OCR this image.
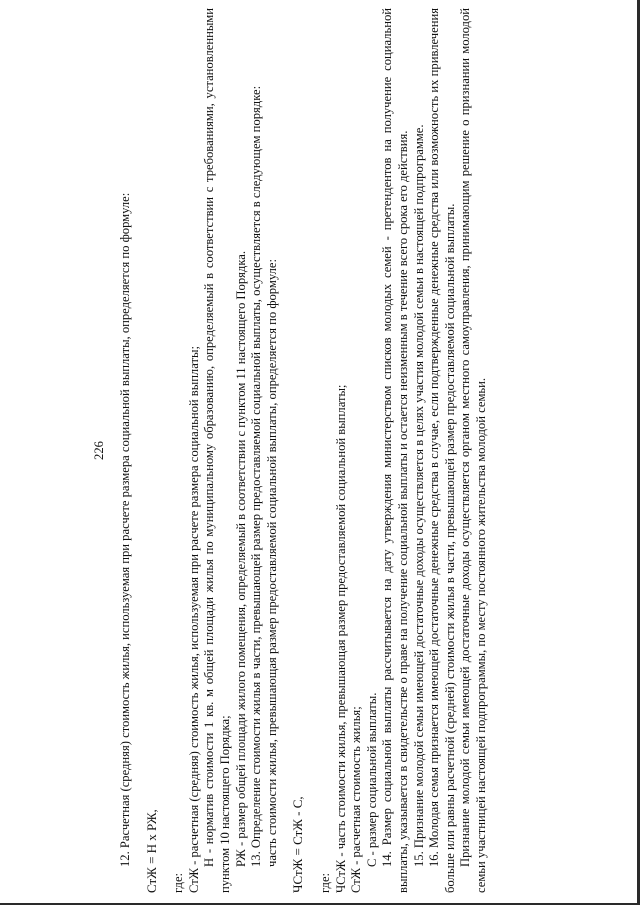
226 12. Расчетная (средняя) стоимость жилья, используемая при расчете размера социальной выплаты, определяется по формуле: СтЖ = Н x РЖ, где: СтЖ - расчетная (средняя) стоимость жилья, используемая при расчете размера социальной выплаты; Н - норматив стоимости 1 кв. м общей площади жилья по муниципальному образованию, определяемый в соответствии с требованиями, установленными пунктом 10 настоящего Порядка; РЖ - размер общей площади жилого помещения, определяемый в соответствии с пунктом 11 настоящего Порядка. 13. Определение стоимости жилья в части, превышающей размер предоставляемой социальной выплаты, осуществляется в следующем порядке: часть стоимости жилья, превышающая размер предоставляемой социальной выплаты, определяется по формуле: ЧСтЖ = СтЖ - С, где: ЧСтЖ - часть стоимости жилья, превышающая размер предоставляемой социальной выплаты; СтЖ - расчетная стоимость жилья; С - размер социальной выплаты. 14. Размер социальной выплаты рассчитывается на дату утверждения министерством списков молодых семей - претендентов на получение социальной выплаты, указывается в свидетельстве о праве на получение социальной выплаты и остается неизменным в течение всего срока его действия. 15. Признание молодой семьи имеющей достаточные доходы осуществляется в целях участия молодой семьи в настоящей подпрограмме. 16. Молодая семья признается имеющей достаточные денежные средства в случае, если подтвержденные денежные средства или возможность их привлечения больше или равны расчетной (средней) стоимости жилья в части, превышающей размер предоставляемой социальной выплаты. Признание молодой семьи имеющей достаточные доходы осуществляется органом местного самоуправления, принимающим решение о признании молодой семьи участницей настоящей подпрограммы, по месту постоянного жительства молодой семьи.
